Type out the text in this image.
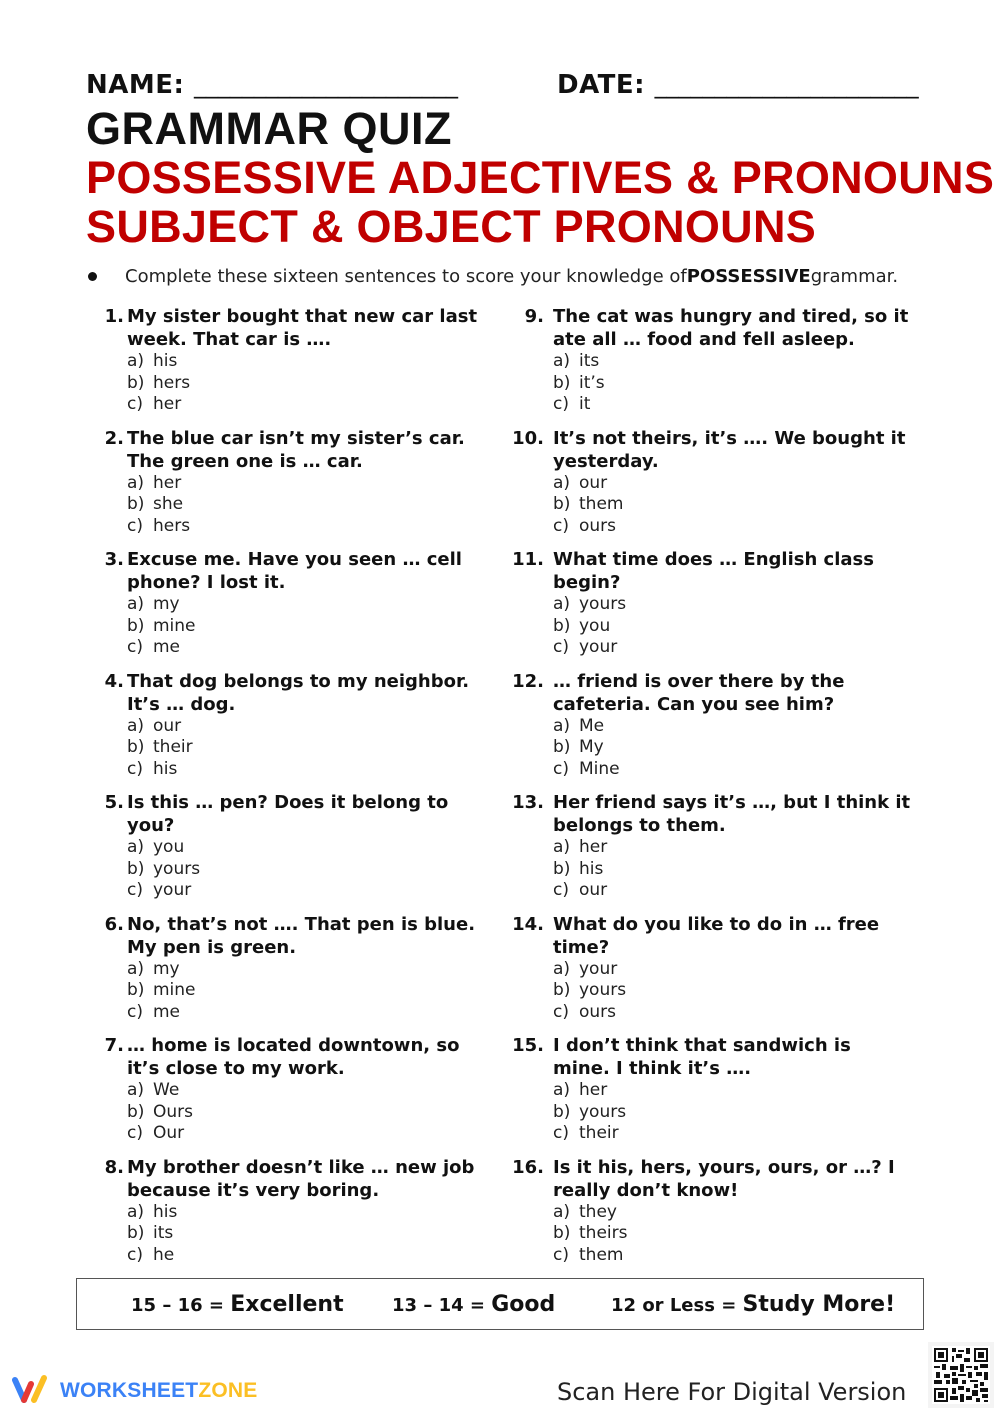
NAME: ______________________	DATE: ______________________
GRAMMAR QUIZ
POSSESSIVE ADJECTIVES & PRONOUNS
SUBJECT & OBJECT PRONOUNS
Complete these sixteen sentences to score your knowledge of POSSESSIVE grammar.
1. My sister bought that new car last week. That car is ….
a) his
b) hers
c) her
2. The blue car isn’t my sister’s car. The green one is … car.
a) her
b) she
c) hers
3. Excuse me. Have you seen … cell phone? I lost it.
a) my
b) mine
c) me
4. That dog belongs to my neighbor. It’s … dog.
a) our
b) their
c) his
5. Is this … pen? Does it belong to you?
a) you
b) yours
c) your
6. No, that’s not …. That pen is blue. My pen is green.
a) my
b) mine
c) me
7. … home is located downtown, so it’s close to my work.
a) We
b) Ours
c) Our
8. My brother doesn’t like … new job because it’s very boring.
a) his
b) its
c) he
9. The cat was hungry and tired, so it ate all … food and fell asleep.
a) its
b) it’s
c) it
10. It’s not theirs, it’s …. We bought it yesterday.
a) our
b) them
c) ours
11. What time does … English class begin?
a) yours
b) you
c) your
12. … friend is over there by the cafeteria. Can you see him?
a) Me
b) My
c) Mine
13. Her friend says it’s …, but I think it belongs to them.
a) her
b) his
c) our
14. What do you like to do in … free time?
a) your
b) yours
c) ours
15. I don’t think that sandwich is mine. I think it’s ….
a) her
b) yours
c) their
16. Is it his, hers, yours, ours, or …? I really don’t know!
a) they
b) theirs
c) them
15 – 16 = Excellent	13 – 14 = Good	12 or Less = Study More!
WORKSHEETZONE	Scan Here For Digital Version
